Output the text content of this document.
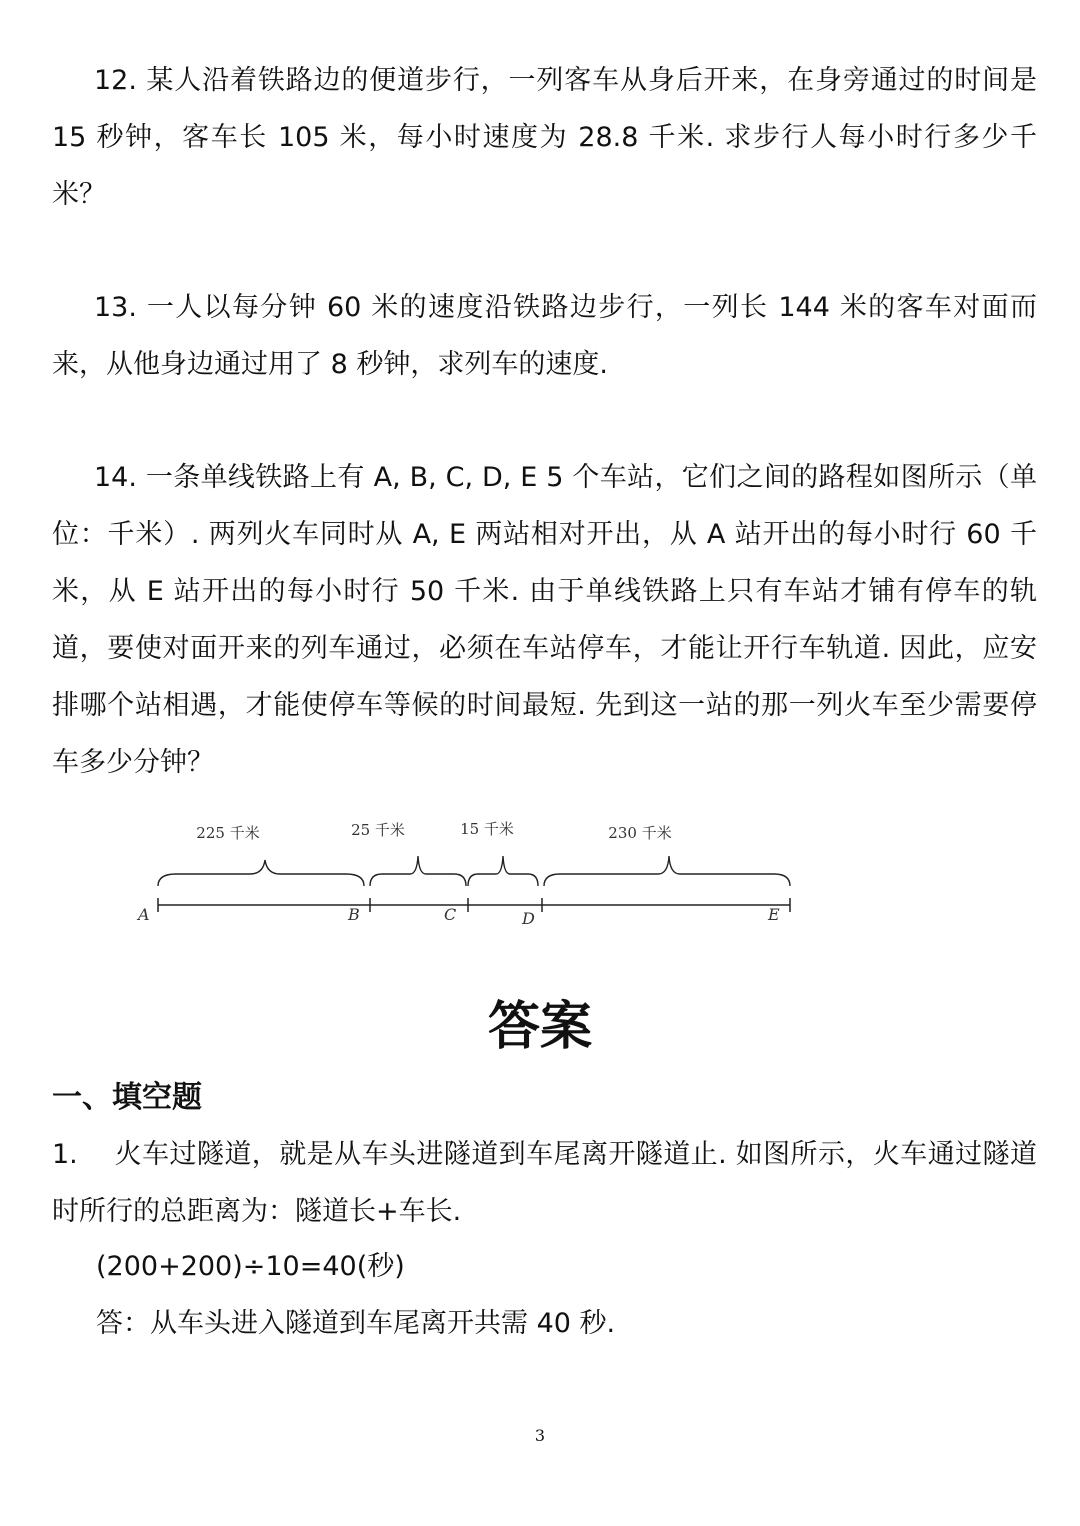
12. 某人沿着铁路边的便道步行，一列客车从身后开来，在身旁通过的时间是 15 秒钟，客车长 105 米，每小时速度为 28.8 千米. 求步行人每小时行多少千米？

13. 一人以每分钟 60 米的速度沿铁路边步行，一列长 144 米的客车对面而来，从他身边通过用了 8 秒钟，求列车的速度.

14. 一条单线铁路上有 A, B, C, D, E 5 个车站，它们之间的路程如图所示（单位：千米）. 两列火车同时从 A, E 两站相对开出，从 A 站开出的每小时行 60 千米，从 E 站开出的每小时行 50 千米. 由于单线铁路上只有车站才铺有停车的轨道，要使对面开来的列车通过，必须在车站停车，才能让开行车轨道. 因此，应安排哪个站相遇，才能使停车等候的时间最短. 先到这一站的那一列火车至少需要停车多少分钟？

225 千米	25 千米	15 千米	230 千米
A	B	C	D	E
答案
一、填空题

1.　 火车过隧道，就是从车头进隧道到车尾离开隧道止. 如图所示，火车通过隧道时所行的总距离为：隧道长+车长.

(200+200)÷10=40(秒)

答：从车头进入隧道到车尾离开共需 40 秒.

3
